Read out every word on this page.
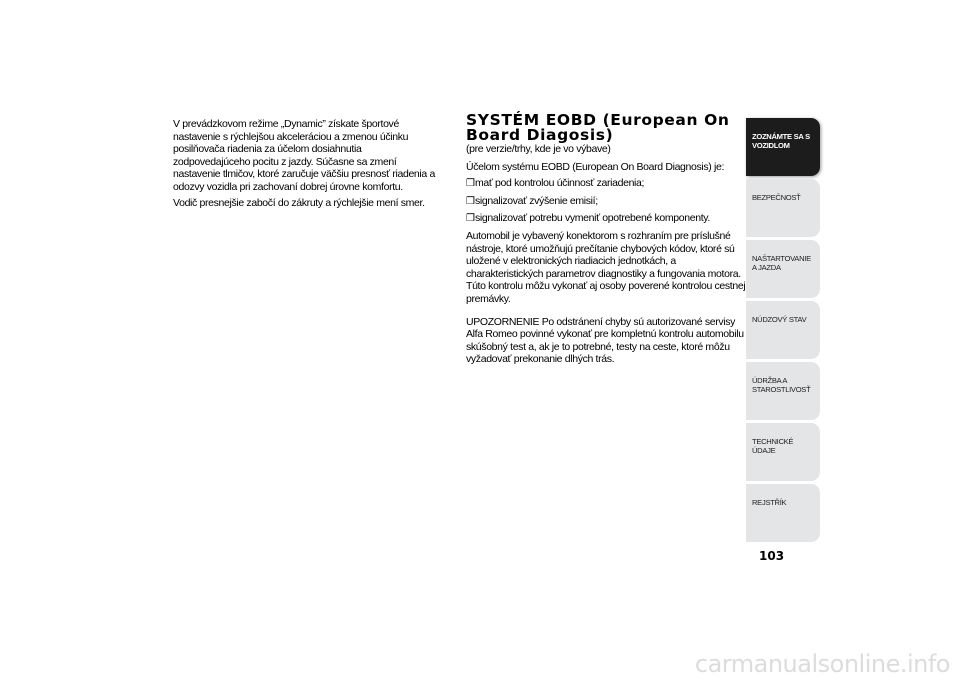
V prevádzkovom režime „Dynamic” získate športové nastavenie s rýchlejšou akceleráciou a zmenou účinku posilňovača riadenia za účelom dosiahnutia zodpovedajúceho pocitu z jazdy. Súčasne sa zmení nastavenie tlmičov, ktoré zaručuje väčšiu presnosť riadenia a odozvy vozidla pri zachovaní dobrej úrovne komfortu.

Vodič presnejšie zabočí do zákruty a rýchlejšie mení smer.

SYSTÉM EOBD (European On Board Diagosis)

(pre verzie/trhy, kde je vo výbave)

Účelom systému EOBD (European On Board Diagnosis) je:

❒mať pod kontrolou účinnosť zariadenia;
❒signalizovať zvýšenie emisií;
❒signalizovať potrebu vymeniť opotrebené komponenty.

Automobil je vybavený konektorom s rozhraním pre príslušné nástroje, ktoré umožňujú prečítanie chybových kódov, ktoré sú uložené v elektronických riadiacich jednotkách, a charakteristických parametrov diagnostiky a fungovania motora. Túto kontrolu môžu vykonať aj osoby poverené kontrolou cestnej premávky.

UPOZORNENIE Po odstránení chyby sú autorizované servisy Alfa Romeo povinné vykonať pre kompletnú kontrolu automobilu skúšobný test a, ak je to potrebné, testy na ceste, ktoré môžu vyžadovať prekonanie dlhých trás.

ZOZNÁMTE SA S VOZIDLOM
BEZPEČNOSŤ
NAŠTARTOVANIE A JAZDA
NÚDZOVÝ STAV
ÚDRŽBA A STAROSTLIVOSŤ
TECHNICKÉ ÚDAJE
REJSTŘÍK
103
carmanualsonline.info
